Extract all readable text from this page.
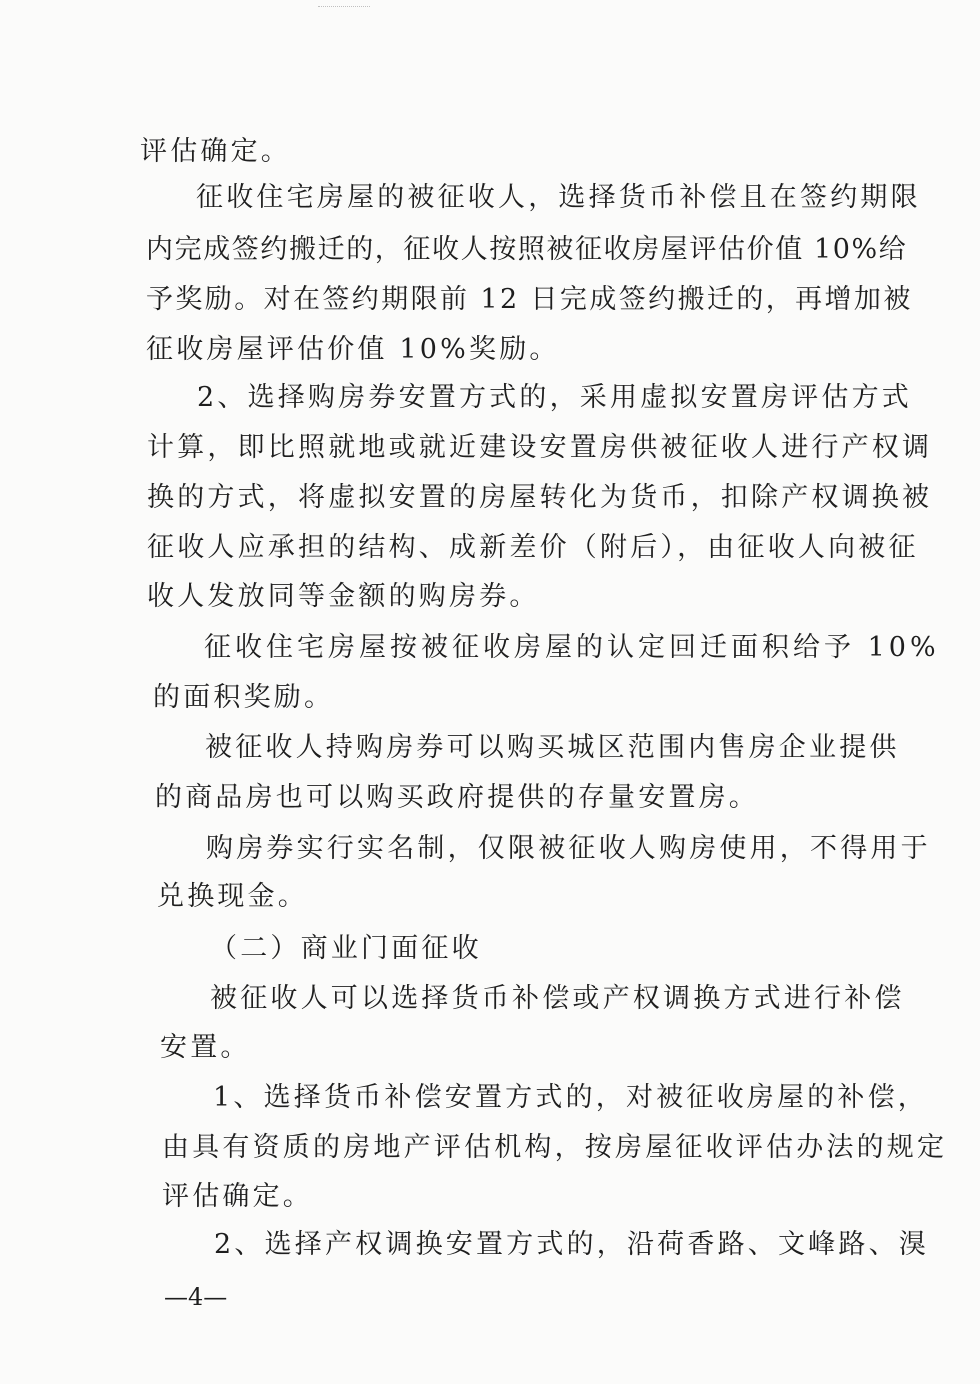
评估确定。
征收住宅房屋的被征收人，选择货币补偿且在签约期限
内完成签约搬迁的，征收人按照被征收房屋评估价值 10%给
予奖励。对在签约期限前 12 日完成签约搬迁的，再增加被
征收房屋评估价值 10%奖励。
2、选择购房券安置方式的，采用虚拟安置房评估方式
计算，即比照就地或就近建设安置房供被征收人进行产权调
换的方式，将虚拟安置的房屋转化为货币，扣除产权调换被
征收人应承担的结构、成新差价（附后），由征收人向被征
收人发放同等金额的购房券。
征收住宅房屋按被征收房屋的认定回迁面积给予 10%
的面积奖励。
被征收人持购房券可以购买城区范围内售房企业提供
的商品房也可以购买政府提供的存量安置房。
购房券实行实名制，仅限被征收人购房使用，不得用于
兑换现金。
（二）商业门面征收
被征收人可以选择货币补偿或产权调换方式进行补偿
安置。
1、选择货币补偿安置方式的，对被征收房屋的补偿，
由具有资质的房地产评估机构，按房屋征收评估办法的规定
评估确定。
2、选择产权调换安置方式的，沿荷香路、文峰路、湨
—4—
